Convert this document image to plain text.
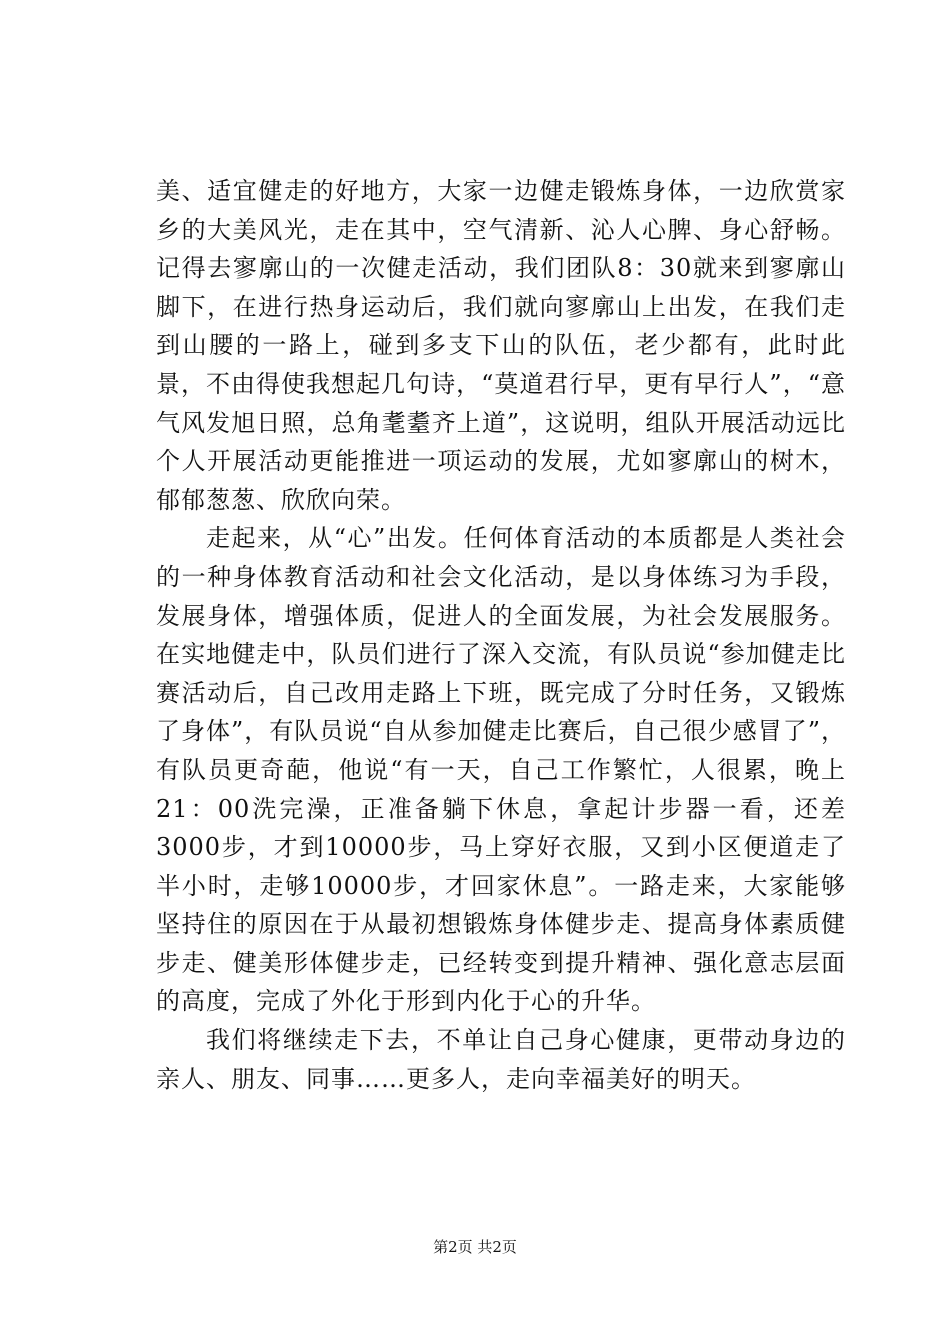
美、适宜健走的好地方，大家一边健走锻炼身体，一边欣赏家乡的大美风光，走在其中，空气清新、沁人心脾、身心舒畅。记得去寥廓山的一次健走活动，我们团队8：30就来到寥廓山脚下，在进行热身运动后，我们就向寥廓山上出发，在我们走到山腰的一路上，碰到多支下山的队伍，老少都有，此时此景，不由得使我想起几句诗，“莫道君行早，更有早行人”，“意气风发旭日照，总角耄耋齐上道”，这说明，组队开展活动远比个人开展活动更能推进一项运动的发展，尤如寥廓山的树木，郁郁葱葱、欣欣向荣。

走起来，从“心”出发。任何体育活动的本质都是人类社会的一种身体教育活动和社会文化活动，是以身体练习为手段，发展身体，增强体质，促进人的全面发展，为社会发展服务。在实地健走中，队员们进行了深入交流，有队员说“参加健走比赛活动后，自己改用走路上下班，既完成了分时任务，又锻炼了身体”，有队员说“自从参加健走比赛后，自己很少感冒了”，有队员更奇葩，他说“有一天，自己工作繁忙，人很累，晚上21：00洗完澡，正准备躺下休息，拿起计步器一看，还差3000步，才到10000步，马上穿好衣服，又到小区便道走了半小时，走够10000步，才回家休息”。一路走来，大家能够坚持住的原因在于从最初想锻炼身体健步走、提高身体素质健步走、健美形体健步走，已经转变到提升精神、强化意志层面的高度，完成了外化于形到内化于心的升华。

我们将继续走下去，不单让自己身心健康，更带动身边的亲人、朋友、同事……更多人，走向幸福美好的明天。

第2页 共2页
